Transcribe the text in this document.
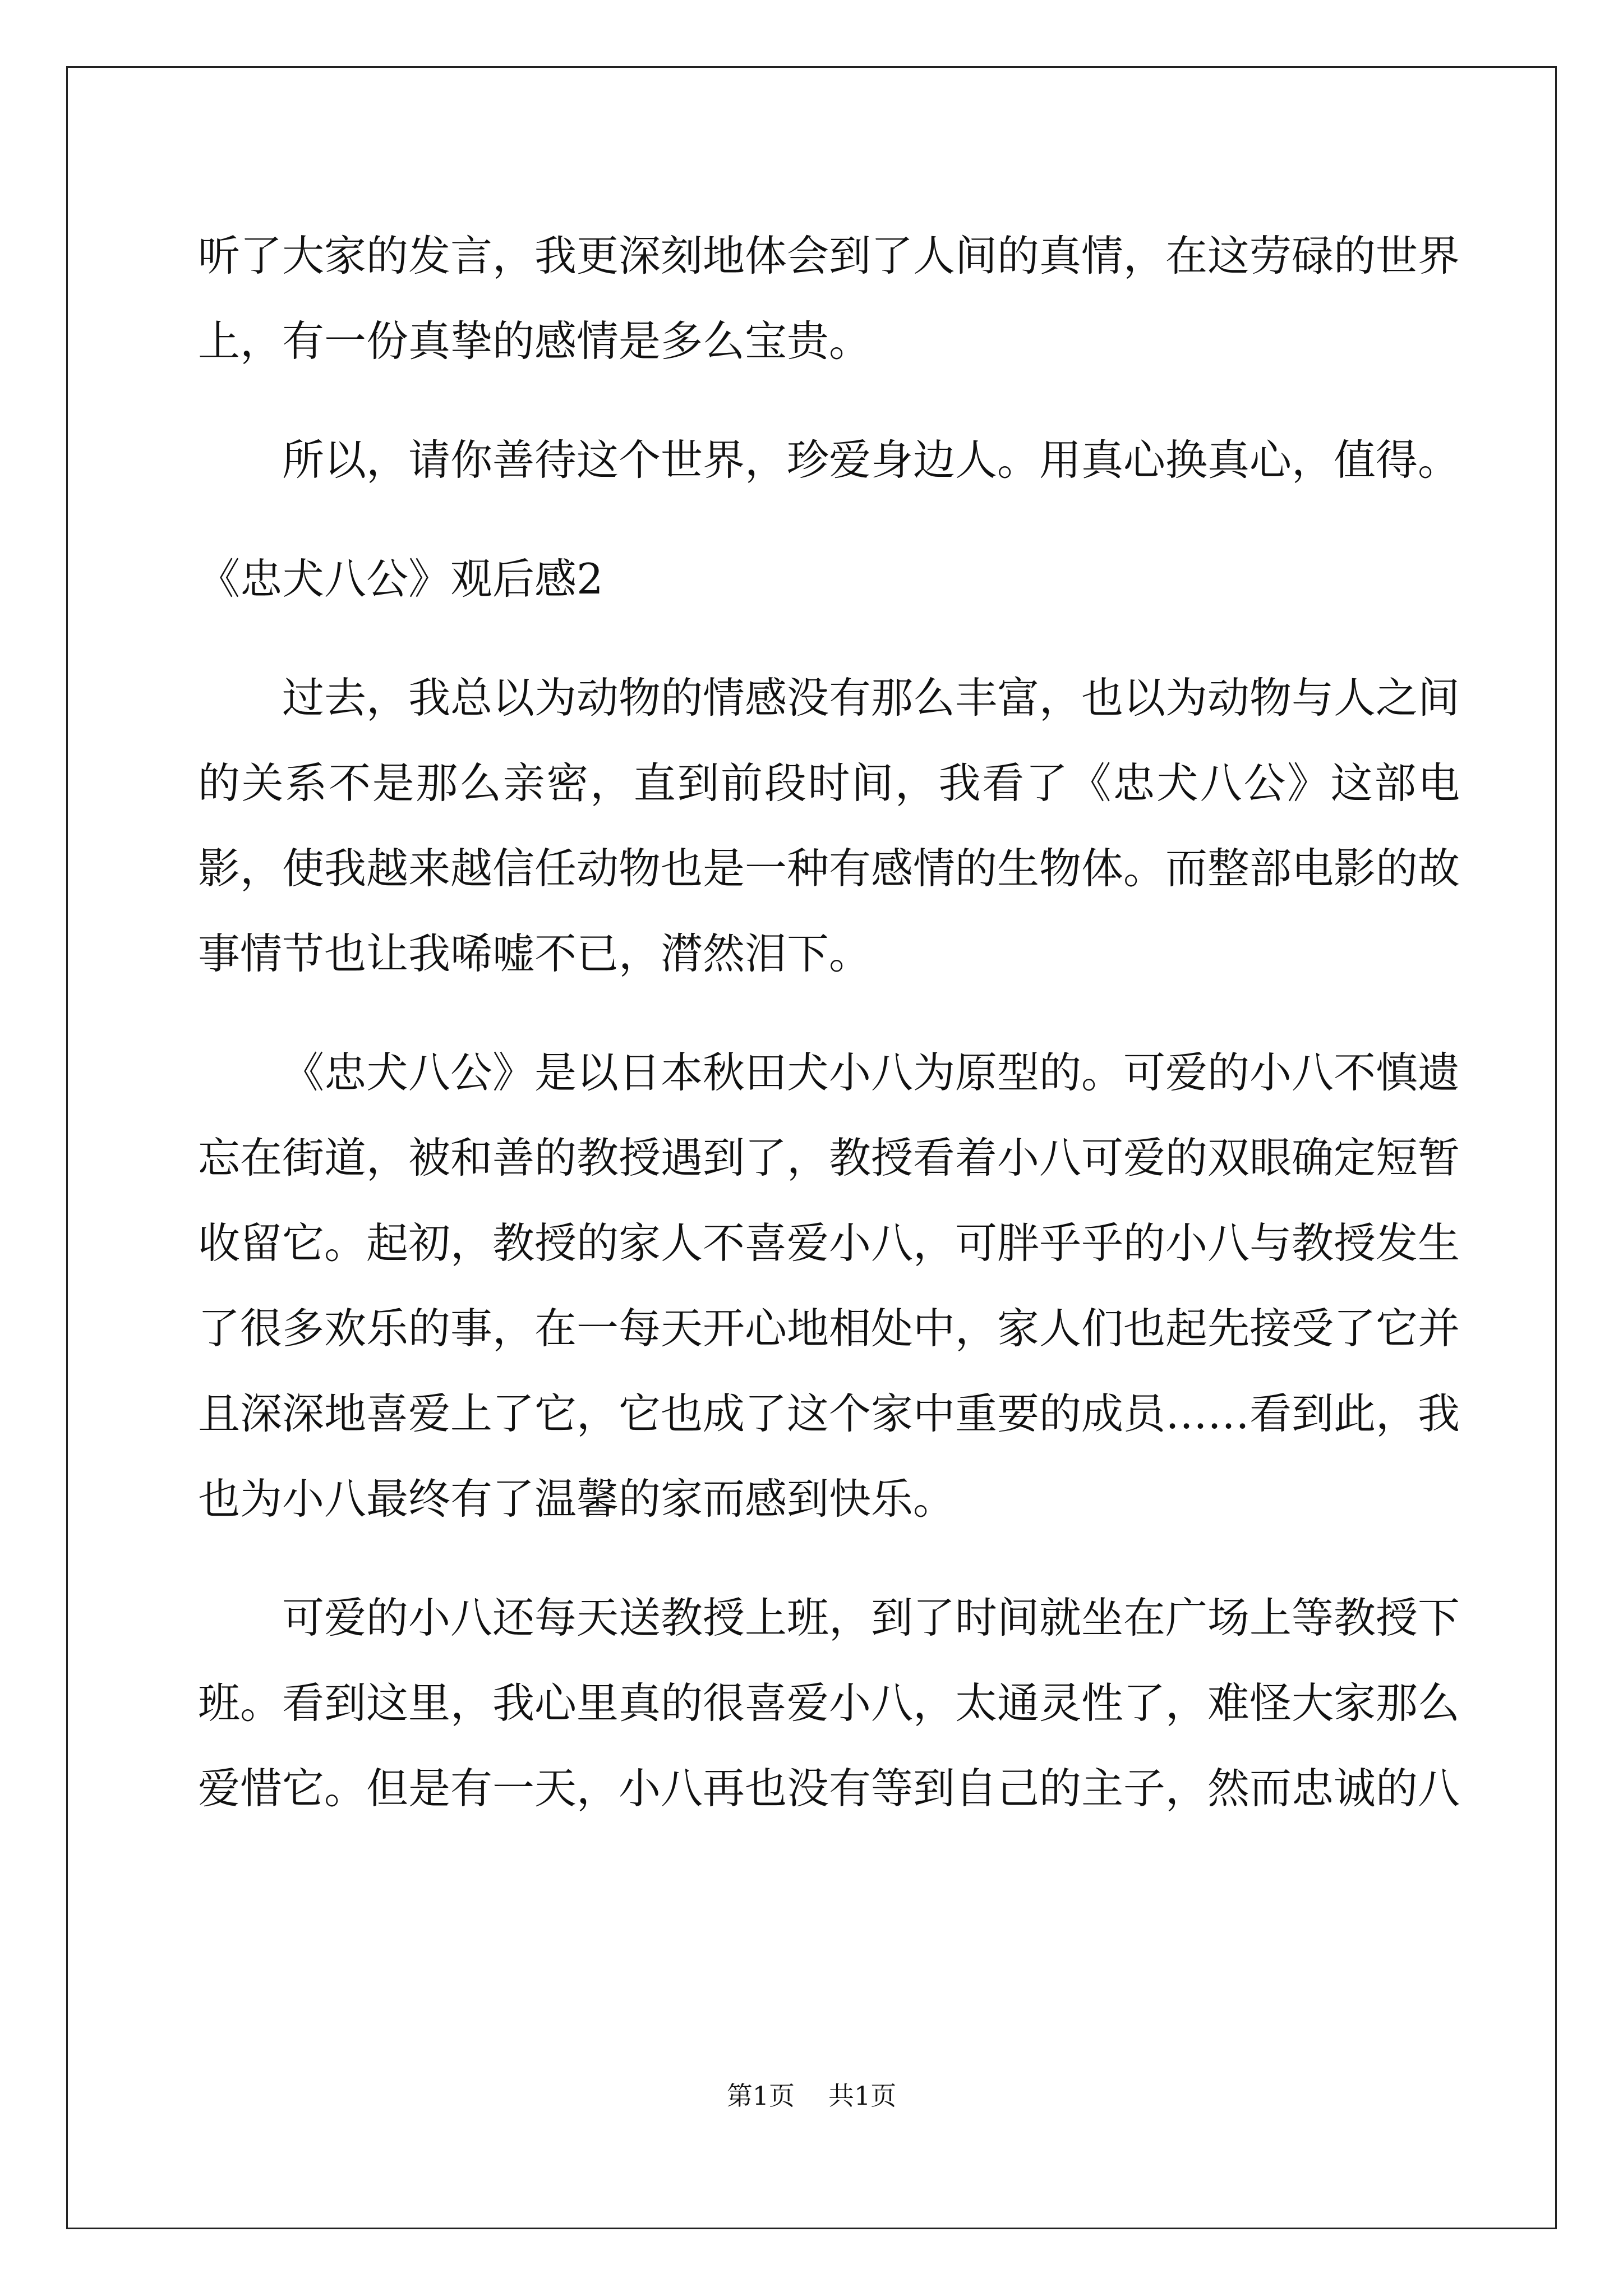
听了大家的发言，我更深刻地体会到了人间的真情，在这劳碌的世界上，有一份真挚的感情是多么宝贵。

所以，请你善待这个世界，珍爱身边人。用真心换真心，值得。

《忠犬八公》观后感2

过去，我总以为动物的情感没有那么丰富，也以为动物与人之间的关系不是那么亲密，直到前段时间，我看了《忠犬八公》这部电影，使我越来越信任动物也是一种有感情的生物体。而整部电影的故事情节也让我唏嘘不已，潸然泪下。

《忠犬八公》是以日本秋田犬小八为原型的。可爱的小八不慎遗忘在街道，被和善的教授遇到了，教授看着小八可爱的双眼确定短暂收留它。起初，教授的家人不喜爱小八，可胖乎乎的小八与教授发生了很多欢乐的事，在一每天开心地相处中，家人们也起先接受了它并且深深地喜爱上了它，它也成了这个家中重要的成员……看到此，我也为小八最终有了温馨的家而感到快乐。

可爱的小八还每天送教授上班，到了时间就坐在广场上等教授下班。看到这里，我心里真的很喜爱小八，太通灵性了，难怪大家那么爱惜它。但是有一天，小八再也没有等到自己的主子，然而忠诚的八

第1页 共1页
